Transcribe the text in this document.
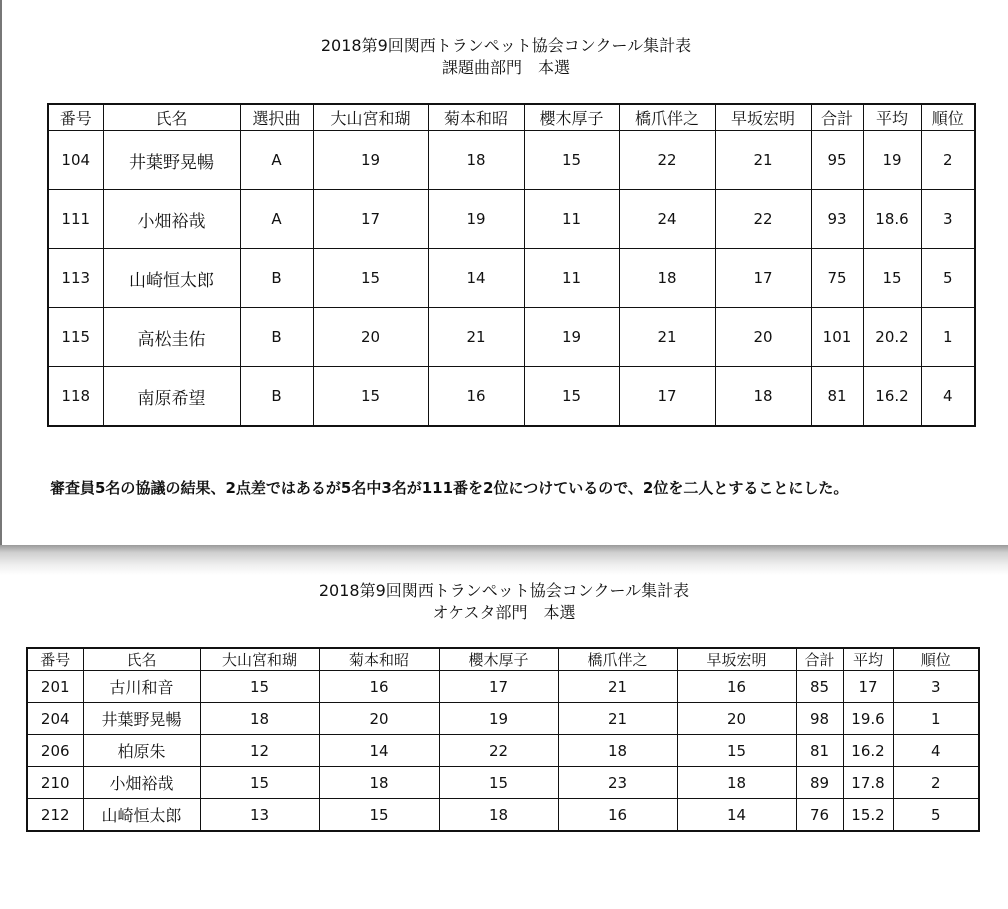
2018第9回関西トランペット協会コンクール集計表
課題曲部門　本選
番号	氏名	選択曲	大山宮和瑚	菊本和昭	櫻木厚子	橋爪伴之	早坂宏明	合計	平均	順位
104	井葉野晃暢	A	19	18	15	22	21	95	19	2
111	小畑裕哉	A	17	19	11	24	22	93	18.6	3
113	山崎恒太郎	B	15	14	11	18	17	75	15	5
115	高松圭佑	B	20	21	19	21	20	101	20.2	1
118	南原希望	B	15	16	15	17	18	81	16.2	4

審査員5名の協議の結果、2点差ではあるが5名中3名が111番を2位につけているので、2位を二人とすることにした。

2018第9回関西トランペット協会コンクール集計表
オケスタ部門　本選
番号	氏名	大山宮和瑚	菊本和昭	櫻木厚子	橋爪伴之	早坂宏明	合計	平均	順位
201	古川和音	15	16	17	21	16	85	17	3
204	井葉野晃暢	18	20	19	21	20	98	19.6	1
206	柏原朱	12	14	22	18	15	81	16.2	4
210	小畑裕哉	15	18	15	23	18	89	17.8	2
212	山崎恒太郎	13	15	18	16	14	76	15.2	5
